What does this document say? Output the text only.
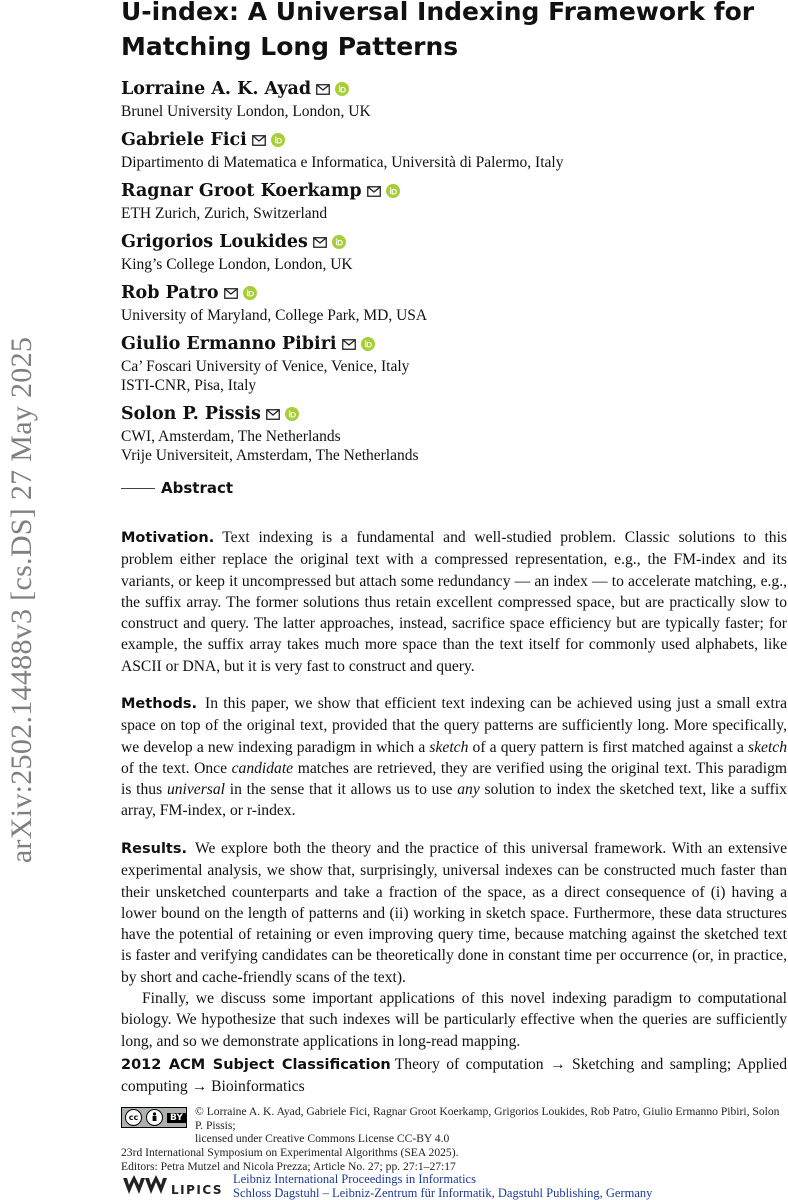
arXiv:2502.14488v3 [cs.DS] 27 May 2025
U-index: A Universal Indexing Framework for Matching Long Patterns
Lorraine A. K. Ayad
Brunel University London, London, UK
Gabriele Fici
Dipartimento di Matematica e Informatica, Università di Palermo, Italy
Ragnar Groot Koerkamp
ETH Zurich, Zurich, Switzerland
Grigorios Loukides
King’s College London, London, UK
Rob Patro
University of Maryland, College Park, MD, USA
Giulio Ermanno Pibiri
Ca’ Foscari University of Venice, Venice, Italy
ISTI-CNR, Pisa, Italy
Solon P. Pissis
CWI, Amsterdam, The Netherlands
Vrije Universiteit, Amsterdam, The Netherlands
Abstract
Motivation. Text indexing is a fundamental and well-studied problem. Classic solutions to this problem either replace the original text with a compressed representation, e.g., the FM-index and its variants, or keep it uncompressed but attach some redundancy — an index — to accelerate matching, e.g., the suffix array. The former solutions thus retain excellent compressed space, but are practically slow to construct and query. The latter approaches, instead, sacrifice space efficiency but are typically faster; for example, the suffix array takes much more space than the text itself for commonly used alphabets, like ASCII or DNA, but it is very fast to construct and query.
Methods. In this paper, we show that efficient text indexing can be achieved using just a small extra space on top of the original text, provided that the query patterns are sufficiently long. More specifically, we develop a new indexing paradigm in which a sketch of a query pattern is first matched against a sketch of the text. Once candidate matches are retrieved, they are verified using the original text. This paradigm is thus universal in the sense that it allows us to use any solution to index the sketched text, like a suffix array, FM-index, or r-index.
Results. We explore both the theory and the practice of this universal framework. With an extensive experimental analysis, we show that, surprisingly, universal indexes can be constructed much faster than their unsketched counterparts and take a fraction of the space, as a direct consequence of (i) having a lower bound on the length of patterns and (ii) working in sketch space. Furthermore, these data structures have the potential of retaining or even improving query time, because matching against the sketched text is faster and verifying candidates can be theoretically done in constant time per occurrence (or, in practice, by short and cache-friendly scans of the text).
Finally, we discuss some important applications of this novel indexing paradigm to computational biology. We hypothesize that such indexes will be particularly effective when the queries are sufficiently long, and so we demonstrate applications in long-read mapping.
2012 ACM Subject Classification Theory of computation → Sketching and sampling; Applied computing → Bioinformatics
cc	BY © Lorraine A. K. Ayad, Gabriele Fici, Ragnar Groot Koerkamp, Grigorios Loukides, Rob Patro, Giulio Ermanno Pibiri, Solon P. Pissis;
licensed under Creative Commons License CC-BY 4.0
23rd International Symposium on Experimental Algorithms (SEA 2025).
Editors: Petra Mutzel and Nicola Prezza; Article No. 27; pp. 27:1–27:17
LIPICS
Leibniz International Proceedings in Informatics
Schloss Dagstuhl – Leibniz-Zentrum für Informatik, Dagstuhl Publishing, Germany
